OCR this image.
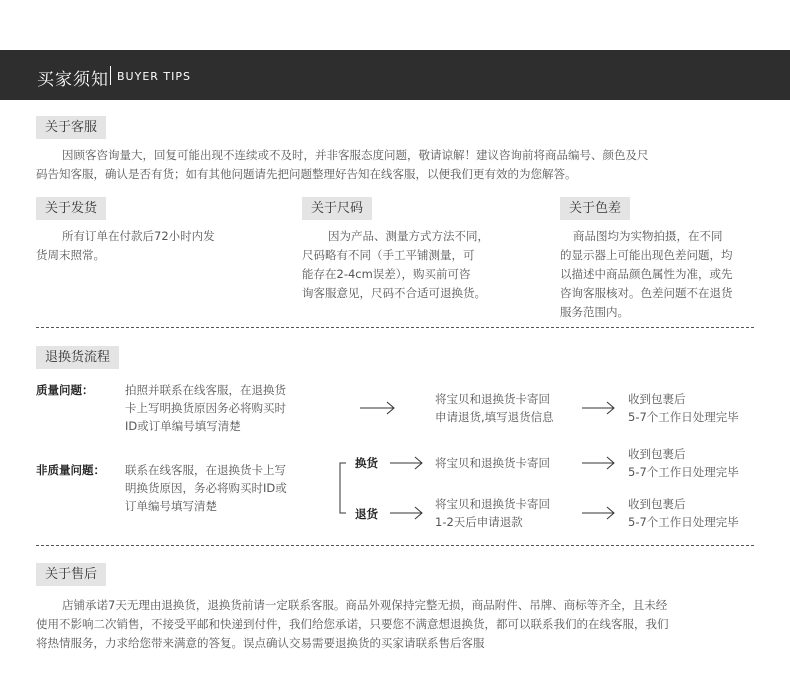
买家须知 BUYER TIPS
关于客服
因顾客咨询量大，回复可能出现不连续或不及时，并非客服态度问题，敬请谅解！建议咨询前将商品编号、颜色及尺
码告知客服，确认是否有货；如有其他问题请先把问题整理好告知在线客服，以便我们更有效的为您解答。
关于发货
所有订单在付款后72小时内发
货周末照常。
关于尺码
因为产品、测量方式方法不同，
尺码略有不同（手工平铺测量，可
能存在2-4cm误差），购买前可咨
询客服意见，尺码不合适可退换货。
关于色差
商品图均为实物拍摄，在不同
的显示器上可能出现色差问题，均
以描述中商品颜色属性为准，或先
咨询客服核对。色差问题不在退货
服务范围内。
退换货流程
质量问题：	拍照并联系在线客服，在退换货
卡上写明换货原因务必将购买时
ID或订单编号填写清楚
将宝贝和退换货卡寄回
申请退货,填写退货信息
收到包裹后
5-7个工作日处理完毕
非质量问题： 联系在线客服，在退换货卡上写
明换货原因，务必将购买时ID或
订单编号填写清楚
换货	将宝贝和退换货卡寄回
收到包裹后
5-7个工作日处理完毕
退货
将宝贝和退换货卡寄回
1-2天后申请退款
收到包裹后
5-7个工作日处理完毕
关于售后
店铺承诺7天无理由退换货，退换货前请一定联系客服。商品外观保持完整无损，商品附件、吊牌、商标等齐全，且未经
使用不影响二次销售，不接受平邮和快递到付件，我们给您承诺，只要您不满意想退换货，都可以联系我们的在线客服，我们
将热情服务，力求给您带来满意的答复。误点确认交易需要退换货的买家请联系售后客服
